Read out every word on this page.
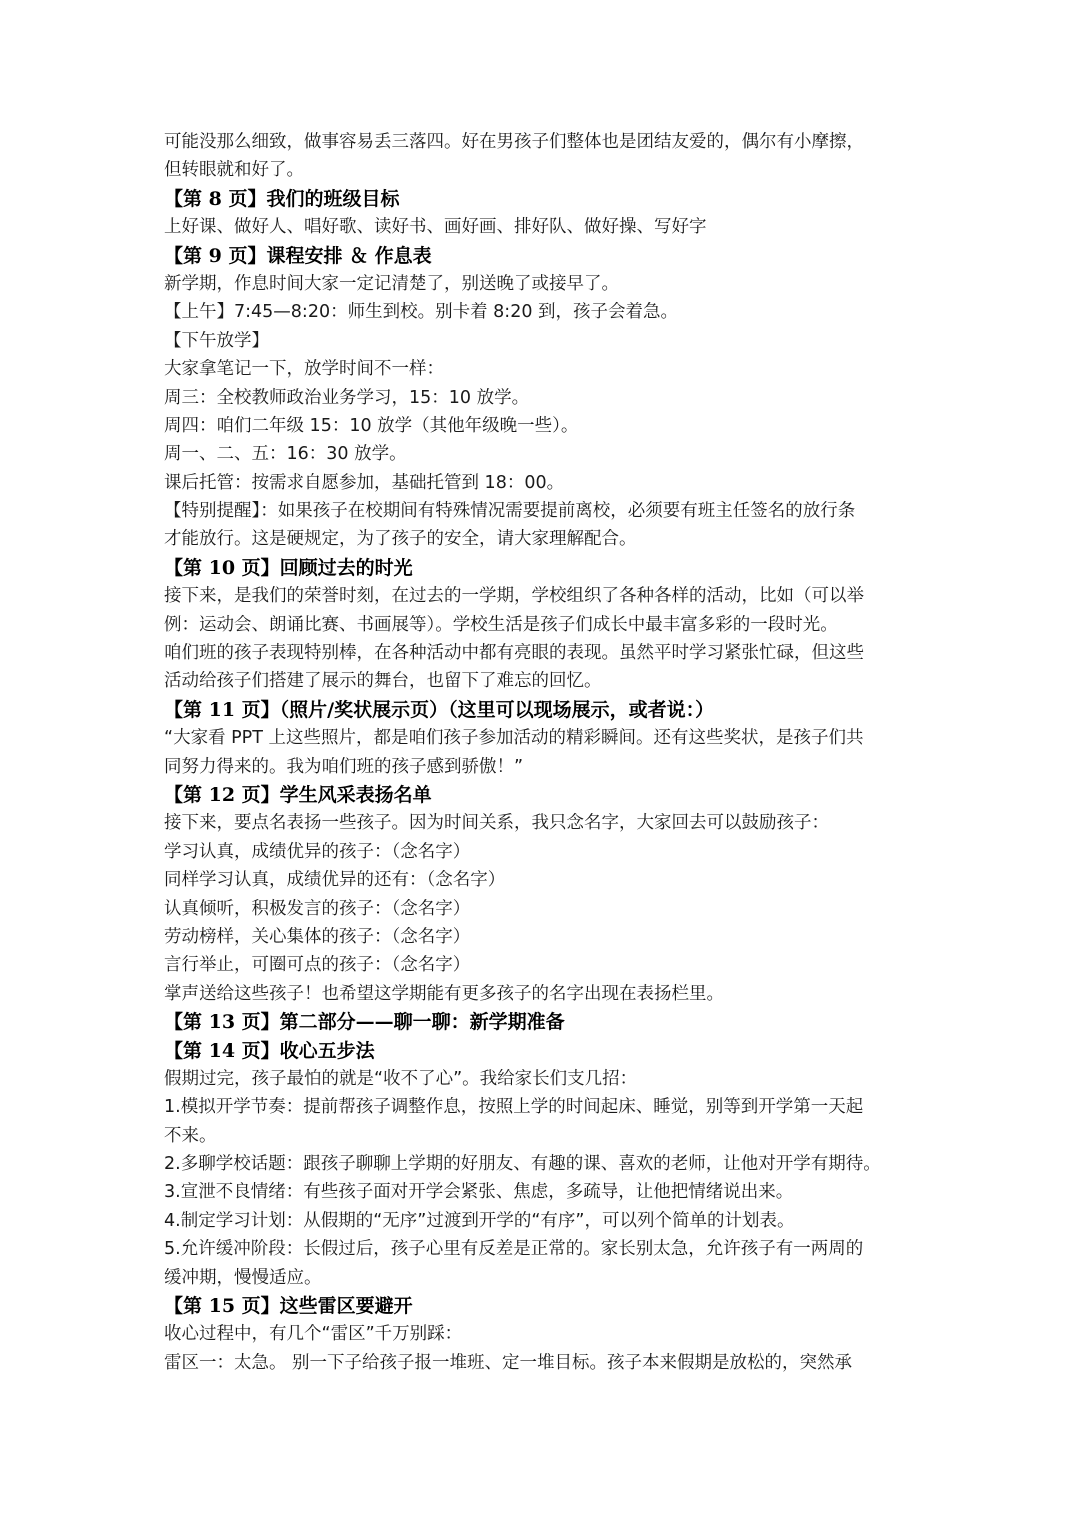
可能没那么细致，做事容易丢三落四。好在男孩子们整体也是团结友爱的，偶尔有小摩擦，
但转眼就和好了。
【第 8 页】我们的班级目标
上好课、做好人、唱好歌、读好书、画好画、排好队、做好操、写好字
【第 9 页】课程安排 ＆ 作息表
新学期，作息时间大家一定记清楚了，别送晚了或接早了。
【上午】7:45—8:20：师生到校。别卡着 8:20 到，孩子会着急。
【下午放学】
大家拿笔记一下，放学时间不一样：
周三：全校教师政治业务学习，15：10 放学。
周四：咱们二年级 15：10 放学（其他年级晚一些）。
周一、二、五：16：30 放学。
课后托管：按需求自愿参加，基础托管到 18：00。
【特别提醒】：如果孩子在校期间有特殊情况需要提前离校，必须要有班主任签名的放行条
才能放行。这是硬规定，为了孩子的安全，请大家理解配合。
【第 10 页】回顾过去的时光
接下来，是我们的荣誉时刻，在过去的一学期，学校组织了各种各样的活动，比如（可以举
例：运动会、朗诵比赛、书画展等）。学校生活是孩子们成长中最丰富多彩的一段时光。
咱们班的孩子表现特别棒，在各种活动中都有亮眼的表现。虽然平时学习紧张忙碌，但这些
活动给孩子们搭建了展示的舞台，也留下了难忘的回忆。
【第 11 页】（照片/奖状展示页）（这里可以现场展示，或者说：）
“大家看 PPT 上这些照片，都是咱们孩子参加活动的精彩瞬间。还有这些奖状，是孩子们共
同努力得来的。我为咱们班的孩子感到骄傲！”
【第 12 页】学生风采表扬名单
接下来，要点名表扬一些孩子。因为时间关系，我只念名字，大家回去可以鼓励孩子：
学习认真，成绩优异的孩子：（念名字）
同样学习认真，成绩优异的还有：（念名字）
认真倾听，积极发言的孩子：（念名字）
劳动榜样，关心集体的孩子：（念名字）
言行举止，可圈可点的孩子：（念名字）
掌声送给这些孩子！也希望这学期能有更多孩子的名字出现在表扬栏里。
【第 13 页】第二部分——聊一聊：新学期准备
【第 14 页】收心五步法
假期过完，孩子最怕的就是“收不了心”。我给家长们支几招：
1.模拟开学节奏：提前帮孩子调整作息，按照上学的时间起床、睡觉，别等到开学第一天起
不来。
2.多聊学校话题：跟孩子聊聊上学期的好朋友、有趣的课、喜欢的老师，让他对开学有期待。
3.宣泄不良情绪：有些孩子面对开学会紧张、焦虑，多疏导，让他把情绪说出来。
4.制定学习计划：从假期的“无序”过渡到开学的“有序”，可以列个简单的计划表。
5.允许缓冲阶段：长假过后，孩子心里有反差是正常的。家长别太急，允许孩子有一两周的
缓冲期，慢慢适应。
【第 15 页】这些雷区要避开
收心过程中，有几个“雷区”千万别踩：
雷区一：太急。 别一下子给孩子报一堆班、定一堆目标。孩子本来假期是放松的，突然承
